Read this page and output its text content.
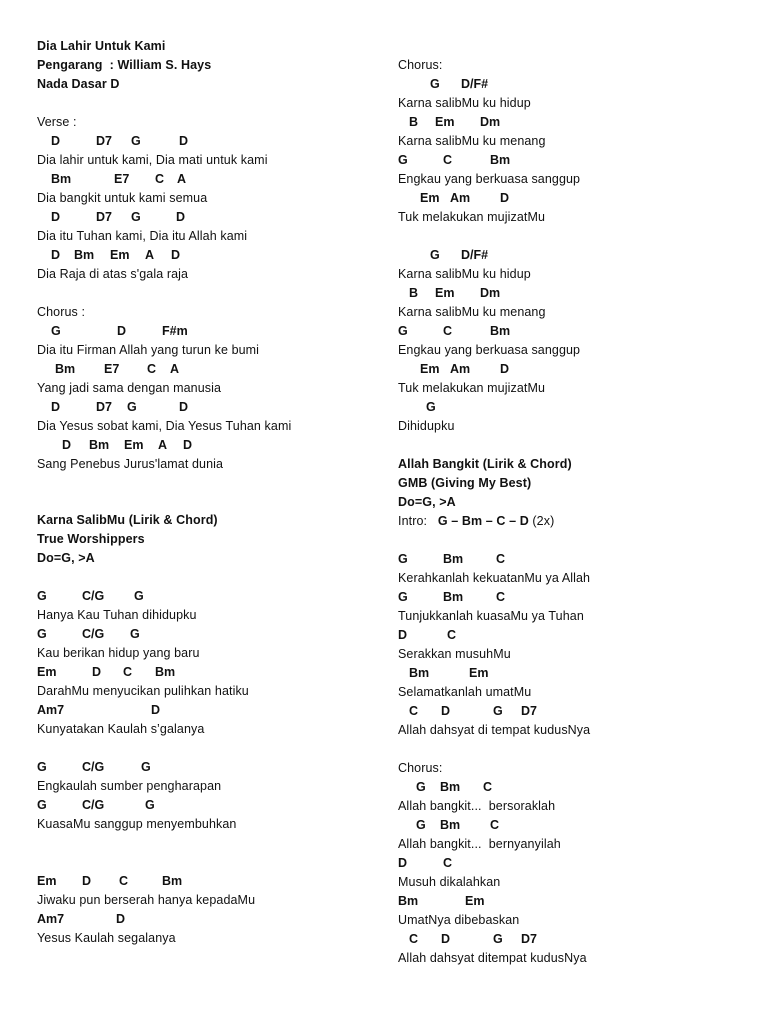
Dia Lahir Untuk Kami
Pengarang  : William S. Hays
Nada Dasar D
Verse :
D	D7 G	D
Dia lahir untuk kami, Dia mati untuk kami
Bm	E7 C A
Dia bangkit untuk kami semua
D	D7 G	D
Dia itu Tuhan kami, Dia itu Allah kami
D Bm Em A D
Dia Raja di atas s'gala raja
Chorus :
G	D	F#m
Dia itu Firman Allah yang turun ke bumi
Bm E7 C A
Yang jadi sama dengan manusia
D	D7 G	D
Dia Yesus sobat kami, Dia Yesus Tuhan kami
D Bm Em A D
Sang Penebus Jurus'lamat dunia
Karna SalibMu (Lirik & Chord)
True Worshippers
Do=G, >A
G	C/G G
Hanya Kau Tuhan dihidupku
G	C/G G
Kau berikan hidup yang baru
Em	D C Bm
DarahMu menyucikan pulihkan hatiku
Am7	D
Kunyatakan Kaulah s’galanya
G	C/G	G
Engkaulah sumber pengharapan
G	C/G	G
KuasaMu sanggup menyembuhkan
Em D C	Bm
Jiwaku pun berserah hanya kepadaMu
Am7	D
Yesus Kaulah segalanya
Chorus:
G D/F#
Karna salibMu ku hidup
B Em Dm
Karna salibMu ku menang
G	C	Bm
Engkau yang berkuasa sanggup
Em Am D
Tuk melakukan mujizatMu
G D/F#
Karna salibMu ku hidup
B Em Dm
Karna salibMu ku menang
G	C	Bm
Engkau yang berkuasa sanggup
Em Am D
Tuk melakukan mujizatMu
G
Dihidupku
Allah Bangkit (Lirik & Chord)
GMB (Giving My Best)
Do=G, >A
Intro:   G – Bm – C – D (2x)
G	Bm	C
Kerahkanlah kekuatanMu ya Allah
G	Bm	C
Tunjukkanlah kuasaMu ya Tuhan
D	C
Serakkan musuhMu
Bm	Em
Selamatkanlah umatMu
C D	G D7
Allah dahsyat di tempat kudusNya
Chorus:
G Bm C
Allah bangkit...  bersoraklah
G Bm C
Allah bangkit...  bernyanyilah
D	C
Musuh dikalahkan
Bm	Em
UmatNya dibebaskan
C D	G D7
Allah dahsyat ditempat kudusNya
